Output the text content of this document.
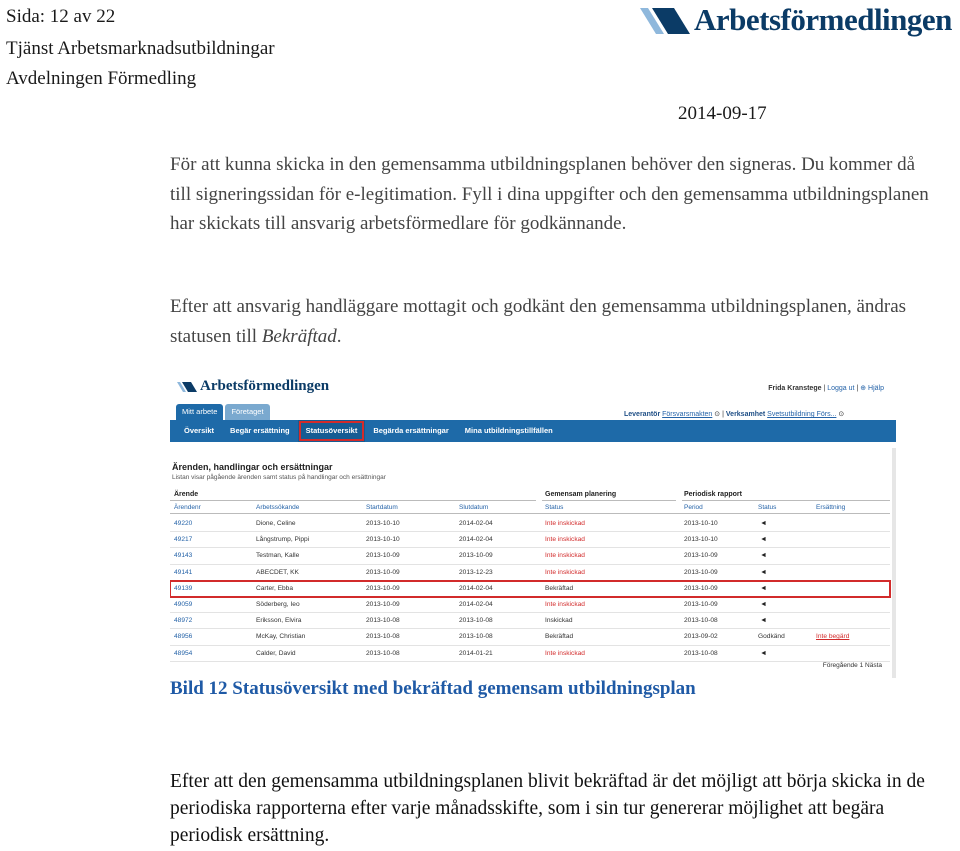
Sida: 12 av 22
Tjänst Arbetsmarknadsutbildningar
Avdelningen Förmedling
2014-09-17
Arbetsförmedlingen
För att kunna skicka in den gemensamma utbildningsplanen behöver den signeras. Du kommer då till signeringssidan för e-legitimation. Fyll i dina uppgifter och den gemensamma utbildningsplanen har skickats till ansvarig arbetsförmedlare för godkännande.
Efter att ansvarig handläggare mottagit och godkänt den gemensamma utbildningsplanen, ändras statusen till Bekräftad.
Arbetsförmedlingen	Frida Kranstege | Logga ut | ⊕ Hjälp
Mitt arbete	Företaget	Leverantör Försvarsmakten ⊙ | Verksamhet Svetsutbildning Förs... ⊙
Översikt	Begär ersättning	Statusöversikt	Begärda ersättningar	Mina utbildningstillfällen
Ärenden, handlingar och ersättningar
Listan visar pågående ärenden samt status på handlingar och ersättningar
Ärende	Gemensam planering	Periodisk rapport
Ärendenr	Arbetssökande	Startdatum	Slutdatum	Status	Period	Status	Ersättning
49220	Dione, Celine	2013-10-10	2014-02-04	Inte inskickad	2013-10-10	◄
49217	Långstrump, Pippi	2013-10-10	2014-02-04	Inte inskickad	2013-10-10	◄
49143	Testman, Kalle	2013-10-09	2013-10-09	Inte inskickad	2013-10-09	◄
49141	ABECDET, KK	2013-10-09	2013-12-23	Inte inskickad	2013-10-09	◄
49139	Carter, Ebba	2013-10-09	2014-02-04	Bekräftad	2013-10-09	◄
49059	Söderberg, Ieo	2013-10-09	2014-02-04	Inte inskickad	2013-10-09	◄
48972	Eriksson, Elvira	2013-10-08	2013-10-08	Inskickad	2013-10-08	◄
48956	McKay, Christian	2013-10-08	2013-10-08	Bekräftad	2013-09-02	Godkänd	Inte begärd
48954	Calder, David	2013-10-08	2014-01-21	Inte inskickad	2013-10-08	◄
Föregående 1 Nästa
Bild 12 Statusöversikt med bekräftad gemensam utbildningsplan
Efter att den gemensamma utbildningsplanen blivit bekräftad är det möjligt att börja skicka in de periodiska rapporterna efter varje månadsskifte, som i sin tur genererar möjlighet att begära periodisk ersättning.
